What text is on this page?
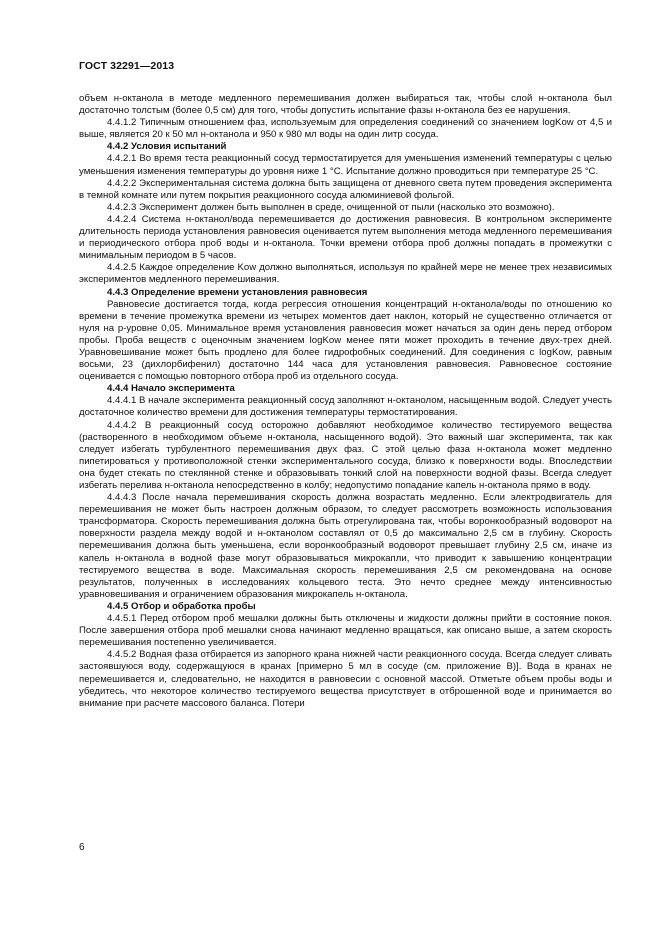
ГОСТ 32291—2013

объем н-октанола в методе медленного перемешивания должен выбираться так, чтобы слой н-октанола был достаточно толстым (более 0,5 см) для того, чтобы допустить испытание фазы н-октанола без ее нарушения.

4.4.1.2 Типичным отношением фаз, используемым для определения соединений со значением logKow от 4,5 и выше, является 20 к 50 мл н-октанола и 950 к 980 мл воды на один литр сосуда.

4.4.2 Условия испытаний

4.4.2.1 Во время теста реакционный сосуд термостатируется для уменьшения изменений температуры с целью уменьшения изменения температуры до уровня ниже 1 °С. Испытание должно проводиться при температуре 25 °С.

4.4.2.2 Экспериментальная система должна быть защищена от дневного света путем проведения эксперимента в темной комнате или путем покрытия реакционного сосуда алюминиевой фольгой.

4.4.2.3 Эксперимент должен быть выполнен в среде, очищенной от пыли (насколько это возможно).

4.4.2.4 Система н-октанол/вода перемешивается до достижения равновесия. В контрольном эксперименте длительность периода установления равновесия оценивается путем выполнения метода медленного перемешивания и периодического отбора проб воды и н-октанола. Точки времени отбора проб должны попадать в промежутки с минимальным периодом в 5 часов.

4.4.2.5 Каждое определение Kow должно выполняться, используя по крайней мере не менее трех независимых экспериментов медленного перемешивания.

4.4.3 Определение времени установления равновесия

Равновесие достигается тогда, когда регрессия отношения концентраций н-октанола/воды по отношению ко времени в течение промежутка времени из четырех моментов дает наклон, который не существенно отличается от нуля на р-уровне 0,05. Минимальное время установления равновесия может начаться за один день перед отбором пробы. Проба веществ с оценочным значением logKow менее пяти может проходить в течение двух-трех дней. Уравновешивание может быть продлено для более гидрофобных соединений. Для соединения с logKow, равным восьми, 23 (дихлорбифенил) достаточно 144 часа для установления равновесия. Равновесное состояние оценивается с помощью повторного отбора проб из отдельного сосуда.

4.4.4 Начало эксперимента

4.4.4.1 В начале эксперимента реакционный сосуд заполняют н-октанолом, насыщенным водой. Следует учесть достаточное количество времени для достижения температуры термостатирования.

4.4.4.2 В реакционный сосуд осторожно добавляют необходимое количество тестируемого вещества (растворенного в необходимом объеме н-октанола, насыщенного водой). Это важный шаг эксперимента, так как следует избегать турбулентного перемешивания двух фаз. С этой целью фаза н-октанола может медленно пипетироваться у противоположной стенки экспериментального сосуда, близко к поверхности воды. Впоследствии она будет стекать по стеклянной стенке и образовывать тонкий слой на поверхности водной фазы. Всегда следует избегать перелива н-октанола непосредственно в колбу; недопустимо попадание капель н-октанола прямо в воду.

4.4.4.3 После начала перемешивания скорость должна возрастать медленно. Если электродвигатель для перемешивания не может быть настроен должным образом, то следует рассмотреть возможность использования трансформатора. Скорость перемешивания должна быть отрегулирована так, чтобы воронкообразный водоворот на поверхности раздела между водой и н-октанолом составлял от 0,5 до максимально 2,5 см в глубину. Скорость перемешивания должна быть уменьшена, если воронкообразный водоворот превышает глубину 2,5 см, иначе из капель н-октанола в водной фазе могут образовываться микрокапли, что приводит к завышению концентрации тестируемого вещества в воде. Максимальная скорость перемешивания 2,5 см рекомендована на основе результатов, полученных в исследованиях кольцевого теста. Это нечто среднее между интенсивностью уравновешивания и ограничением образования микрокапель н-октанола.

4.4.5 Отбор и обработка пробы

4.4.5.1 Перед отбором проб мешалки должны быть отключены и жидкости должны прийти в состояние покоя. После завершения отбора проб мешалки снова начинают медленно вращаться, как описано выше, а затем скорость перемешивания постепенно увеличивается.

4.4.5.2 Водная фаза отбирается из запорного крана нижней части реакционного сосуда. Всегда следует сливать застоявшуюся воду, содержащуюся в кранах [примерно 5 мл в сосуде (см. приложение В)]. Вода в кранах не перемешивается и, следовательно, не находится в равновесии с основной массой. Отметьте объем пробы воды и убедитесь, что некоторое количество тестируемого вещества присутствует в отброшенной воде и принимается во внимание при расчете массового баланса. Потери

6
